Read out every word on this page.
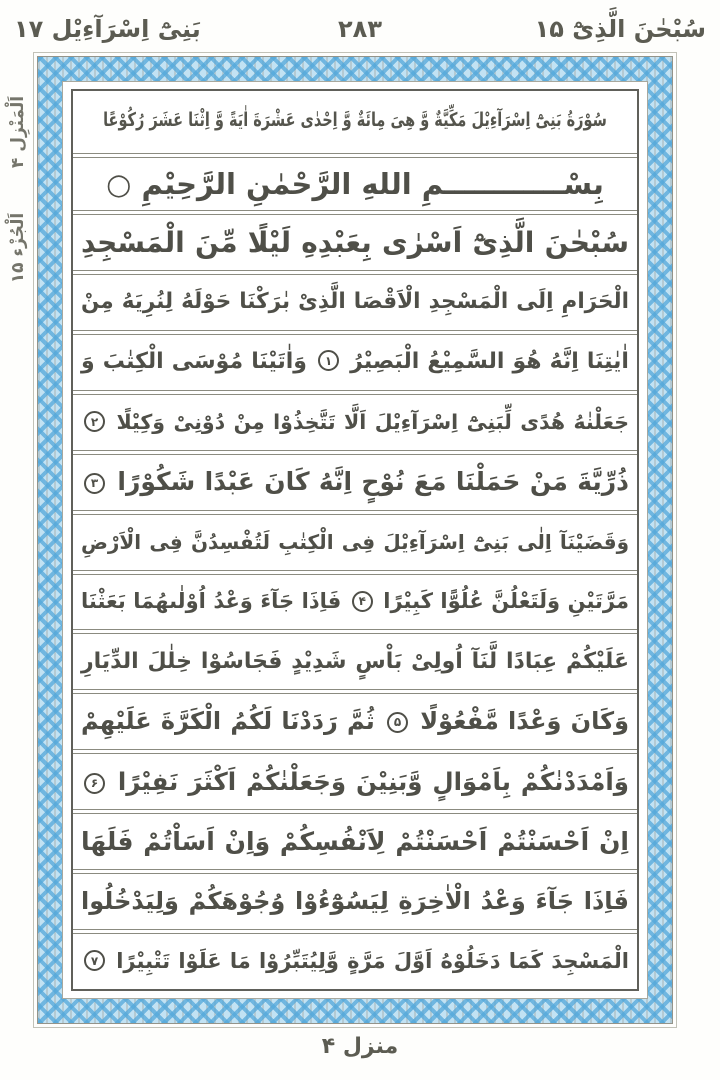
سُبْحٰنَ الَّذِیْٓ ۱۵
۲۸۳
بَنِیْٓ اِسْرَآءِیْل ۱۷
اَلْمَنْزِل ۴
اَلْجُزْء ۱۵
سُوْرَةُ بَنِیْٓ اِسْرَآءِیْلَ مَکِّیَّةٌ وَّ هِیَ مِائَةٌ وَّ اِحْدٰی عَشْرَةَ اٰیَةً وَّ اِثْنَا عَشَرَ رُکُوْعًا
بِسْــــــــــــمِ اللهِ الرَّحْمٰنِ الرَّحِیْمِ ○
سُبْحٰنَ الَّذِیْٓ اَسْرٰی بِعَبْدِهِ لَیْلًا مِّنَ الْمَسْجِدِ
الْحَرَامِ اِلَی الْمَسْجِدِ الْاَقْصَا الَّذِیْ بٰرَکْنَا حَوْلَهُ لِنُرِیَهُ مِنْ
اٰیٰتِنَا اِنَّهُ هُوَ السَّمِیْعُ الْبَصِیْرُ ۱ وَاٰتَیْنَا مُوْسَی الْکِتٰبَ وَ
جَعَلْنٰهُ هُدًی لِّبَنِیْٓ اِسْرَآءِیْلَ اَلَّا تَتَّخِذُوْا مِنْ دُوْنِیْ وَکِیْلًا ۲
ذُرِّیَّةَ مَنْ حَمَلْنَا مَعَ نُوْحٍ اِنَّهُ کَانَ عَبْدًا شَکُوْرًا ۳
وَقَضَیْنَآ اِلٰی بَنِیْٓ اِسْرَآءِیْلَ فِی الْکِتٰبِ لَتُفْسِدُنَّ فِی الْاَرْضِ
مَرَّتَیْنِ وَلَتَعْلُنَّ عُلُوًّا کَبِیْرًا ۴ فَاِذَا جَآءَ وَعْدُ اُوْلٰىهُمَا بَعَثْنَا
عَلَیْکُمْ عِبَادًا لَّنَآ اُولِیْ بَاْسٍ شَدِیْدٍ فَجَاسُوْا خِلٰلَ الدِّیَارِ
وَکَانَ وَعْدًا مَّفْعُوْلًا ۵ ثُمَّ رَدَدْنَا لَکُمُ الْکَرَّةَ عَلَیْهِمْ
وَاَمْدَدْنٰکُمْ بِاَمْوَالٍ وَّبَنِیْنَ وَجَعَلْنٰکُمْ اَکْثَرَ نَفِیْرًا ۶
اِنْ اَحْسَنْتُمْ اَحْسَنْتُمْ لِاَنْفُسِکُمْ وَاِنْ اَسَاْتُمْ فَلَهَا
فَاِذَا جَآءَ وَعْدُ الْاٰخِرَةِ لِیَسُوْٓءُوْا وُجُوْهَکُمْ وَلِیَدْخُلُوا
الْمَسْجِدَ کَمَا دَخَلُوْهُ اَوَّلَ مَرَّةٍ وَّلِیُتَبِّرُوْا مَا عَلَوْا تَتْبِیْرًا ۷
منزل ۴
